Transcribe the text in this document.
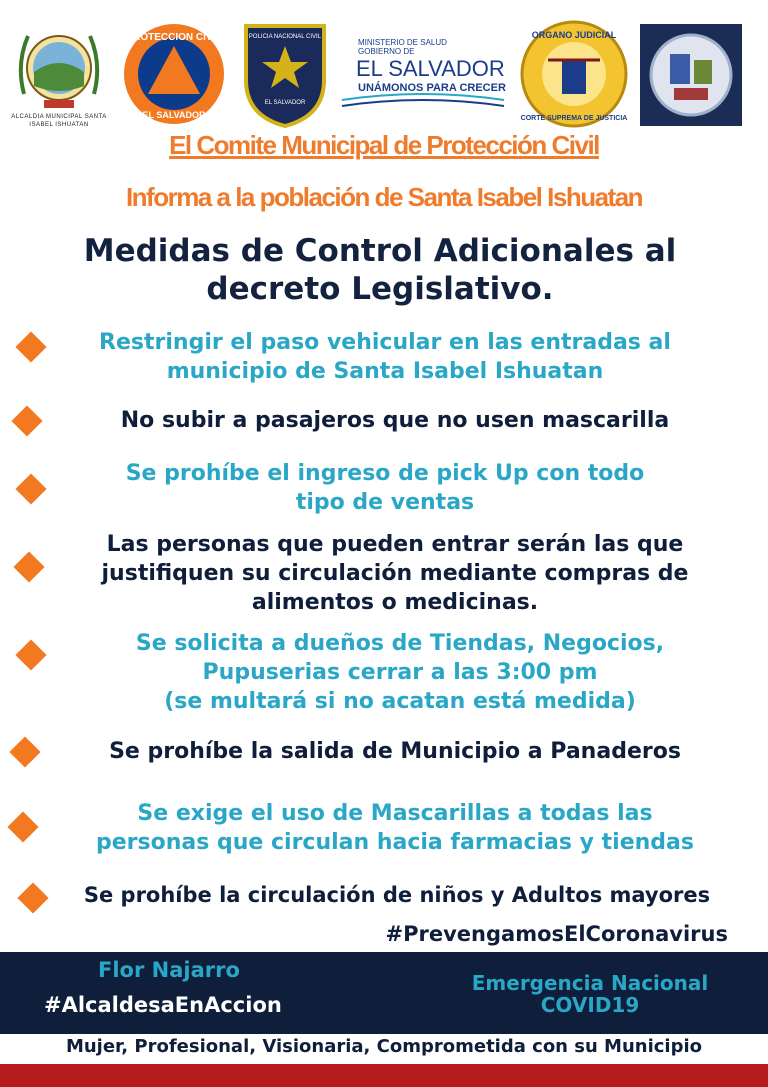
ALCALDIA MUNICIPAL SANTA ISABEL ISHUATAN
PROTECCION CIVIL
EL SALVADOR
POLICIA NACIONAL CIVIL
EL SALVADOR
MINISTERIO DE SALUD
GOBIERNO DE
EL SALVADOR
UNÁMONOS PARA CRECER
ORGANO JUDICIAL
CORTE SUPREMA DE JUSTICIA
El Comite Municipal de Protección Civil
Informa a la población de Santa Isabel Ishuatan
Medidas de Control Adicionales al
decreto Legislativo.
Restringir el paso vehicular en las entradas al
municipio de Santa Isabel Ishuatan
No subir a pasajeros que no usen mascarilla
Se prohíbe el ingreso de pick Up con todo
tipo de ventas
Las personas que pueden entrar serán las que
justifiquen su circulación mediante compras de
alimentos o medicinas.
Se solicita a dueños de Tiendas, Negocios,
Pupuserias cerrar a las 3:00 pm
(se multará si no acatan está medida)
Se prohíbe la salida de Municipio a Panaderos
Se exige el uso de Mascarillas a todas las
personas que circulan hacia farmacias y tiendas
Se prohíbe la circulación de niños y Adultos mayores
#PrevengamosElCoronavirus
Flor Najarro
#AlcaldesaEnAccion
Emergencia Nacional
COVID19
Mujer, Profesional, Visionaria, Comprometida con su Municipio
